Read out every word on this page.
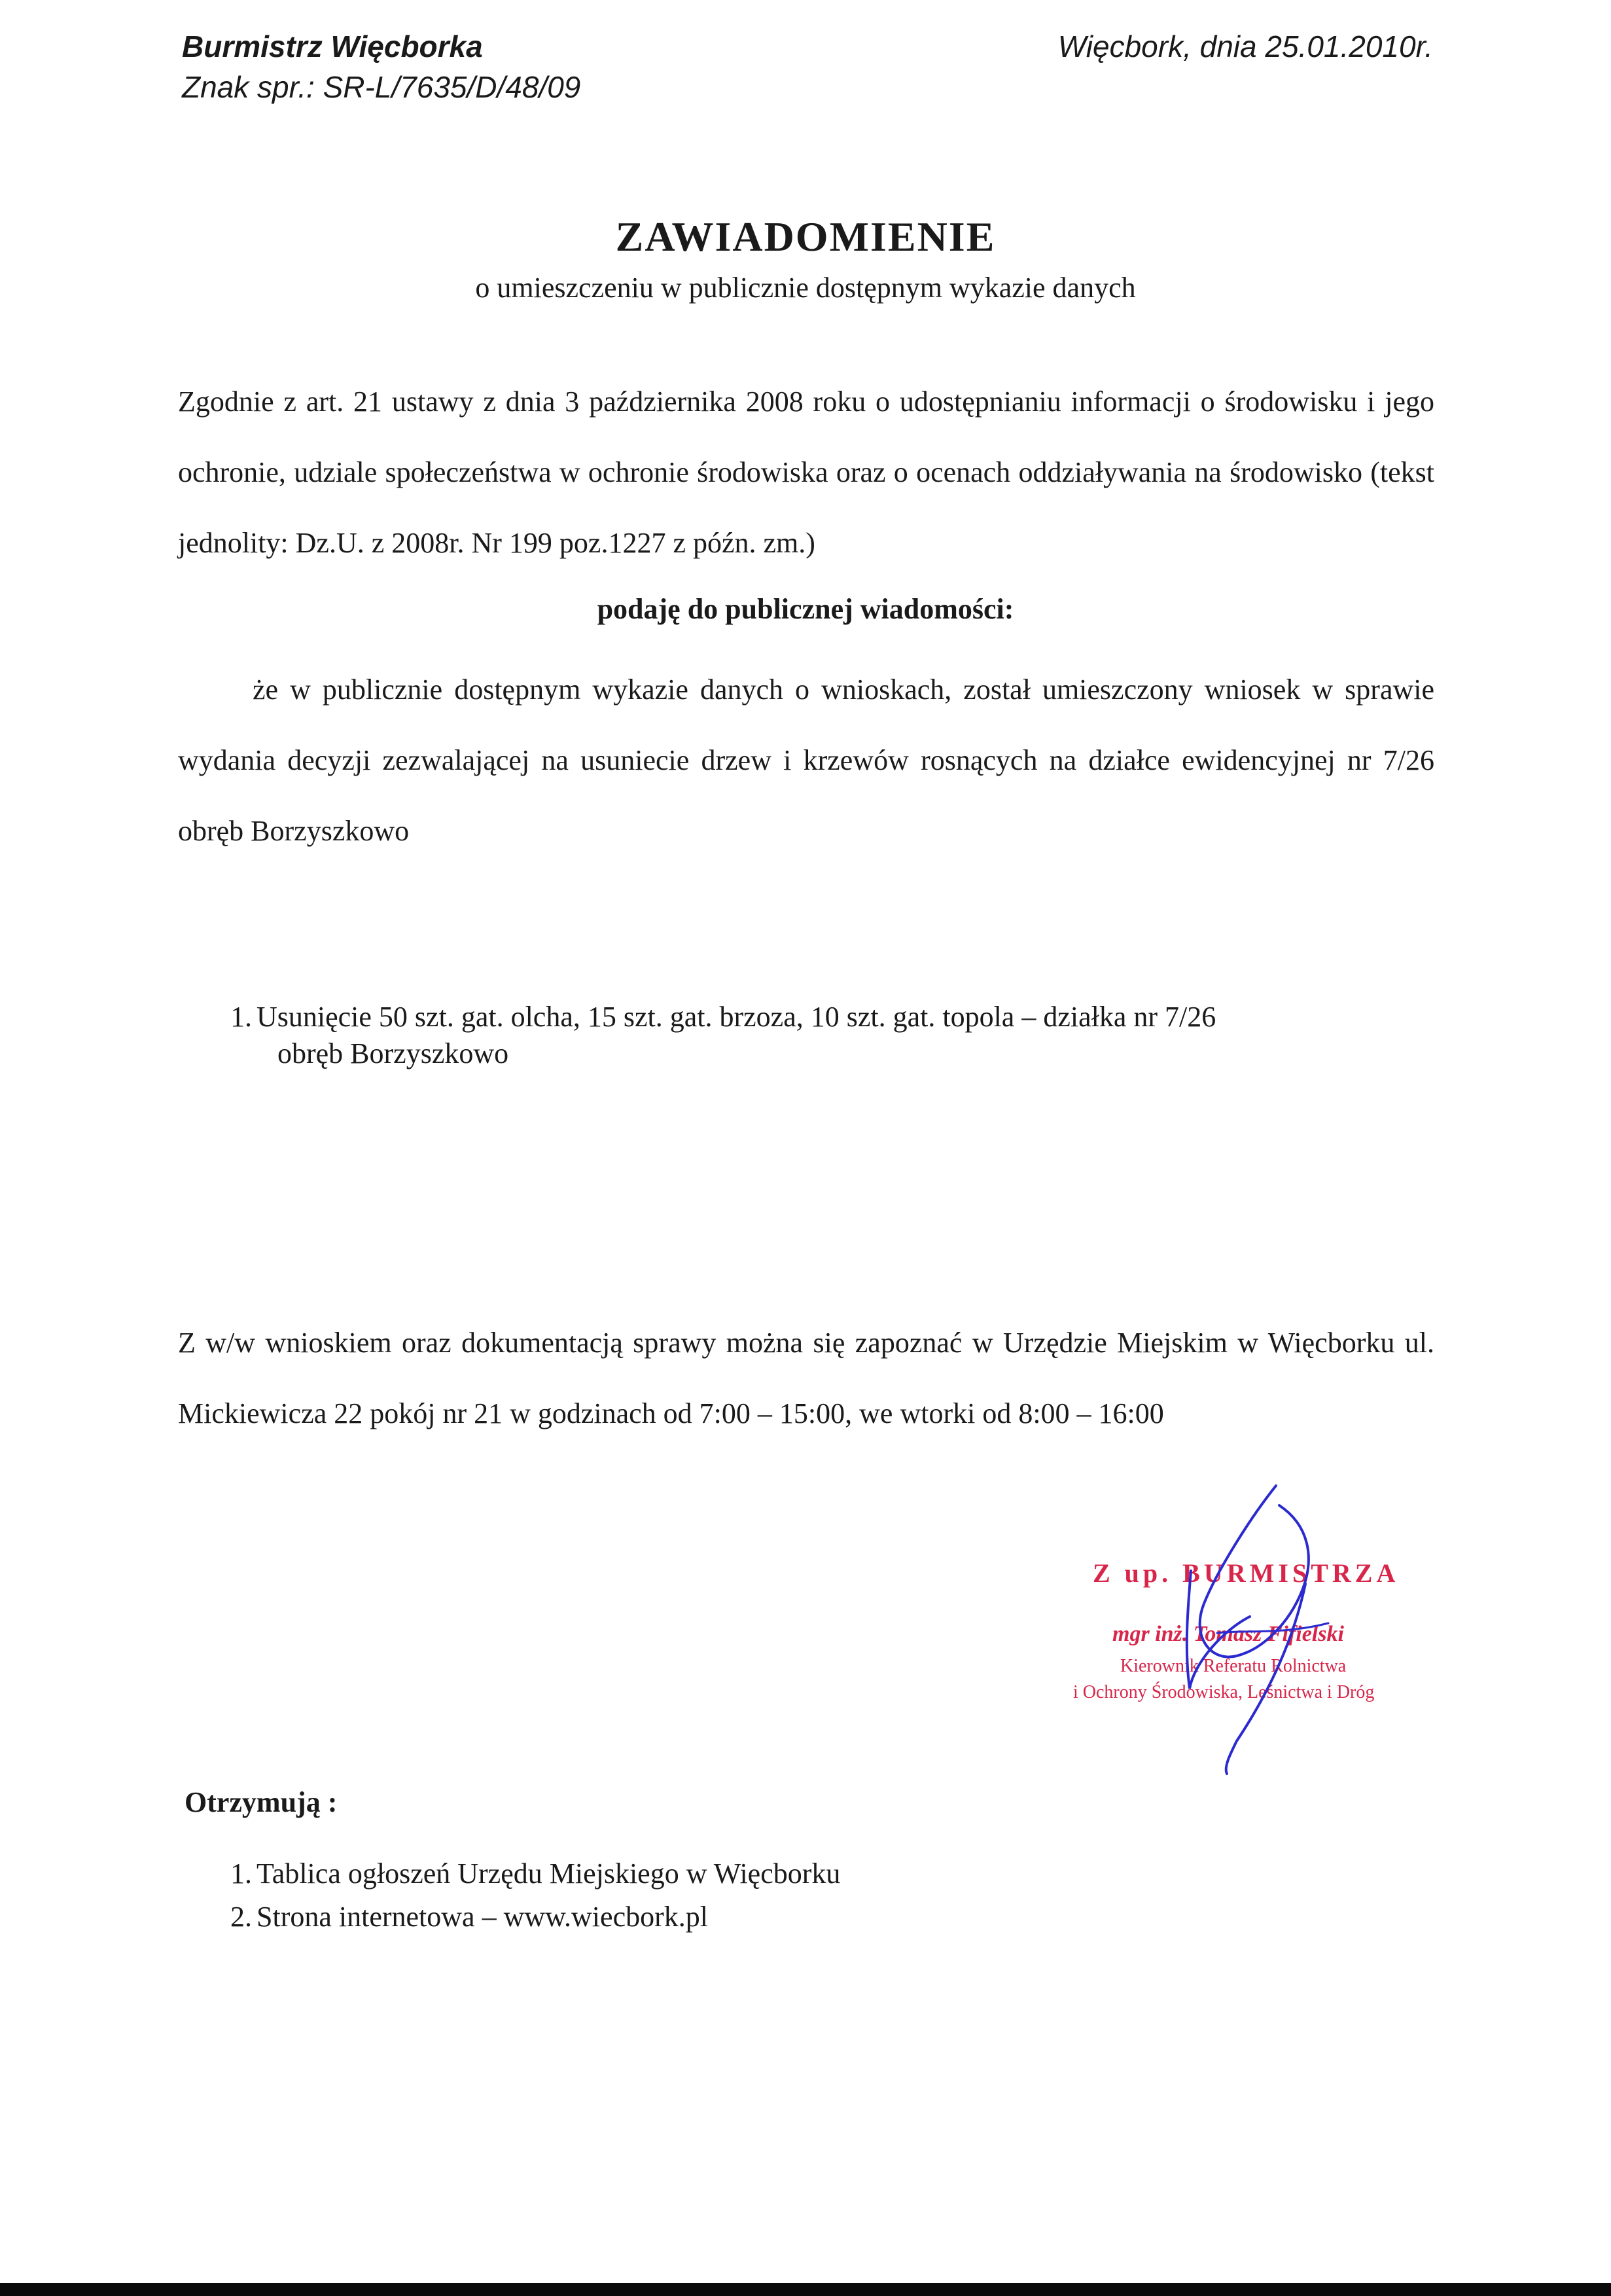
Burmistrz Więcborka
Znak spr.: SR-L/7635/D/48/09
Więcbork, dnia 25.01.2010r.
ZAWIADOMIENIE
o umieszczeniu w publicznie dostępnym wykazie danych
Zgodnie z art. 21 ustawy z dnia 3 października 2008 roku o udostępnianiu informacji o środowisku i jego ochronie, udziale społeczeństwa w ochronie środowiska oraz o ocenach oddziaływania na środowisko (tekst jednolity: Dz.U. z 2008r. Nr 199 poz.1227 z późn. zm.)
podaję do publicznej wiadomości:
że w publicznie dostępnym wykazie danych o wnioskach, został umieszczony wniosek w sprawie wydania decyzji zezwalającej na usuniecie drzew i krzewów rosnących na działce ewidencyjnej nr 7/26 obręb Borzyszkowo
1. Usunięcie 50 szt. gat. olcha, 15 szt. gat. brzoza, 10 szt. gat. topola – działka nr 7/26
obręb Borzyszkowo
Z w/w wnioskiem oraz dokumentacją sprawy można się zapoznać w Urzędzie Miejskim w Więcborku ul. Mickiewicza 22 pokój nr 21 w godzinach od 7:00 – 15:00, we wtorki od 8:00 – 16:00
Z up. BURMISTRZA
mgr inż. Tomasz Fifielski
Kierownik Referatu Rolnictwa
i Ochrony Środowiska, Leśnictwa i Dróg
Otrzymują :
1. Tablica ogłoszeń Urzędu Miejskiego w Więcborku
2. Strona internetowa – www.wiecbork.pl
